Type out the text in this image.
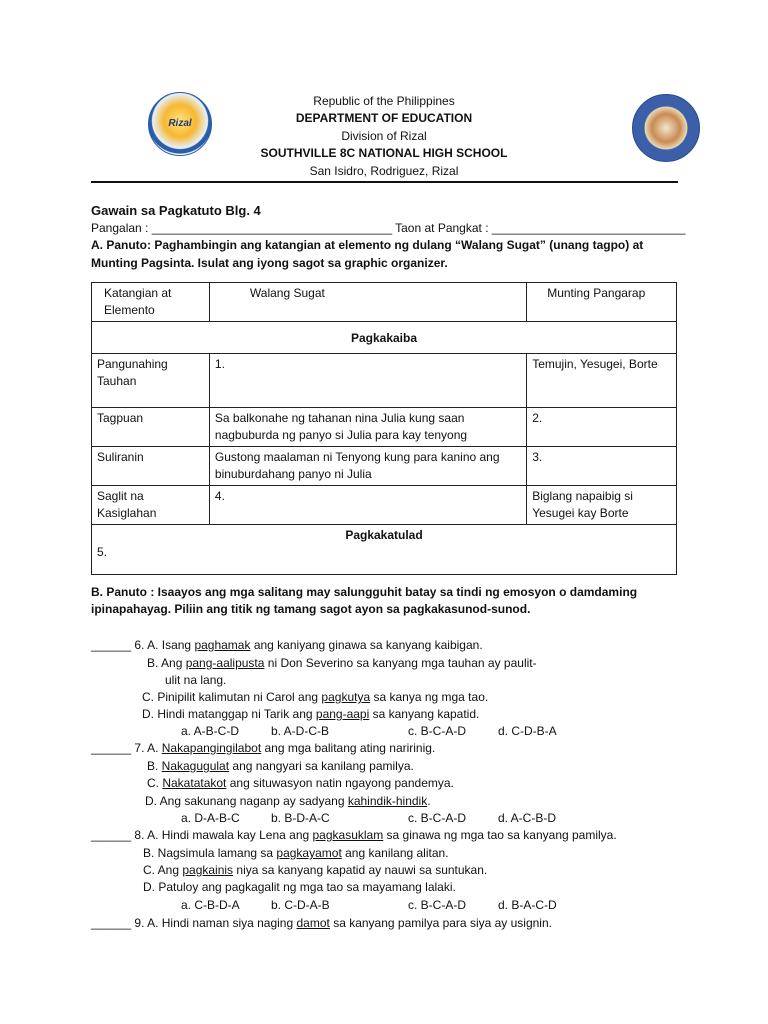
Rizal
Republic of the Philippines
DEPARTMENT OF EDUCATION
Division of Rizal
SOUTHVILLE 8C NATIONAL HIGH SCHOOL
San Isidro, Rodriguez, Rizal
Gawain sa Pagkatuto Blg. 4
Pangalan : ____________________________________ Taon at Pangkat : _____________________________
A. Panuto: Paghambingin ang katangian at elemento ng dulang “Walang Sugat” (unang tagpo) at
Munting Pagsinta. Isulat ang iyong sagot sa graphic organizer.
Katangian at Elemento	Walang Sugat	Munting Pangarap
Pagkakaiba		
Pangunahing Tauhan	1.	Temujin, Yesugei, Borte
Tagpuan	Sa balkonahe ng tahanan nina Julia kung saan nagbuburda ng panyo si Julia para kay tenyong	2.
Suliranin	Gustong maalaman ni Tenyong kung para kanino ang binuburdahang panyo ni Julia	3.
Saglit na Kasiglahan	4.	Biglang napaibig si Yesugei kay Borte

Pagkakatulad
5.		
B. Panuto : Isaayos ang mga salitang may salungguhit batay sa tindi ng emosyon o damdaming
ipinapahayag. Piliin ang titik ng tamang sagot ayon sa pagkakasunod-sunod.
______ 6. A. Isang paghamak ang kaniyang ginawa sa kanyang kaibigan.
B. Ang pang-aalipusta ni Don Severino sa kanyang mga tauhan ay paulit-
ulit na lang.
C. Pinipilit kalimutan ni Carol ang pagkutya sa kanya ng mga tao.
D. Hindi matanggap ni Tarik ang pang-aapi sa kanyang kapatid.
a. A-B-C-D	b. A-D-C-B	c. B-C-A-D	d. C-D-B-A
______ 7. A. Nakapangingilabot ang mga balitang ating naririnig.
B. Nakagugulat ang nangyari sa kanilang pamilya.
C. Nakatatakot ang situwasyon natin ngayong pandemya.
D. Ang sakunang naganp ay sadyang kahindik-hindik.
a. D-A-B-C	b. B-D-A-C	c. B-C-A-D	d. A-C-B-D
______ 8. A. Hindi mawala kay Lena ang pagkasuklam sa ginawa ng mga tao sa kanyang pamilya.
B. Nagsimula lamang sa pagkayamot ang kanilang alitan.
C. Ang pagkainis niya sa kanyang kapatid ay nauwi sa suntukan.
D. Patuloy ang pagkagalit ng mga tao sa mayamang lalaki.
a. C-B-D-A	b. C-D-A-B	c. B-C-A-D	d. B-A-C-D
______ 9. A. Hindi naman siya naging damot sa kanyang pamilya para siya ay usignin.
